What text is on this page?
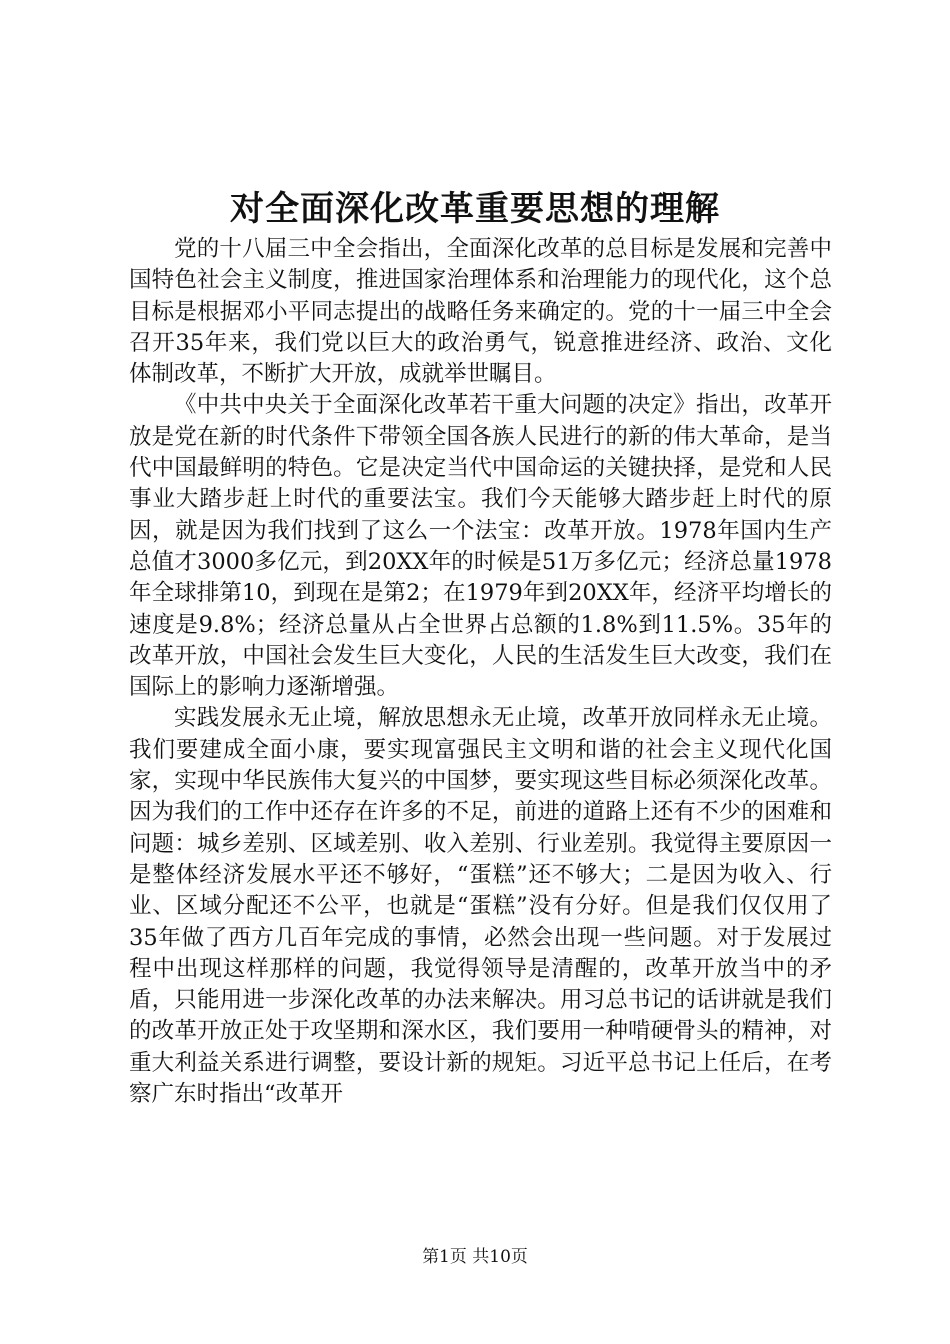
对全面深化改革重要思想的理解

党的十八届三中全会指出，全面深化改革的总目标是发展和完善中国特色社会主义制度，推进国家治理体系和治理能力的现代化，这个总目标是根据邓小平同志提出的战略任务来确定的。党的十一届三中全会召开35年来，我们党以巨大的政治勇气，锐意推进经济、政治、文化体制改革，不断扩大开放，成就举世瞩目。

《中共中央关于全面深化改革若干重大问题的决定》指出，改革开放是党在新的时代条件下带领全国各族人民进行的新的伟大革命，是当代中国最鲜明的特色。它是决定当代中国命运的关键抉择，是党和人民事业大踏步赶上时代的重要法宝。我们今天能够大踏步赶上时代的原因，就是因为我们找到了这么一个法宝：改革开放。1978年国内生产总值才3000多亿元，到20XX年的时候是51万多亿元；经济总量1978年全球排第10，到现在是第2；在1979年到20XX年，经济平均增长的速度是9.8%；经济总量从占全世界占总额的1.8%到11.5%。35年的改革开放，中国社会发生巨大变化，人民的生活发生巨大改变，我们在国际上的影响力逐渐增强。

实践发展永无止境，解放思想永无止境，改革开放同样永无止境。我们要建成全面小康，要实现富强民主文明和谐的社会主义现代化国家，实现中华民族伟大复兴的中国梦，要实现这些目标必须深化改革。因为我们的工作中还存在许多的不足，前进的道路上还有不少的困难和问题：城乡差别、区域差别、收入差别、行业差别。我觉得主要原因一是整体经济发展水平还不够好，“蛋糕”还不够大；二是因为收入、行业、区域分配还不公平，也就是“蛋糕”没有分好。但是我们仅仅用了35年做了西方几百年完成的事情，必然会出现一些问题。对于发展过程中出现这样那样的问题，我觉得领导是清醒的，改革开放当中的矛盾，只能用进一步深化改革的办法来解决。用习总书记的话讲就是我们的改革开放正处于攻坚期和深水区，我们要用一种啃硬骨头的精神，对重大利益关系进行调整，要设计新的规矩。习近平总书记上任后，在考察广东时指出“改革开

第1页 共10页
